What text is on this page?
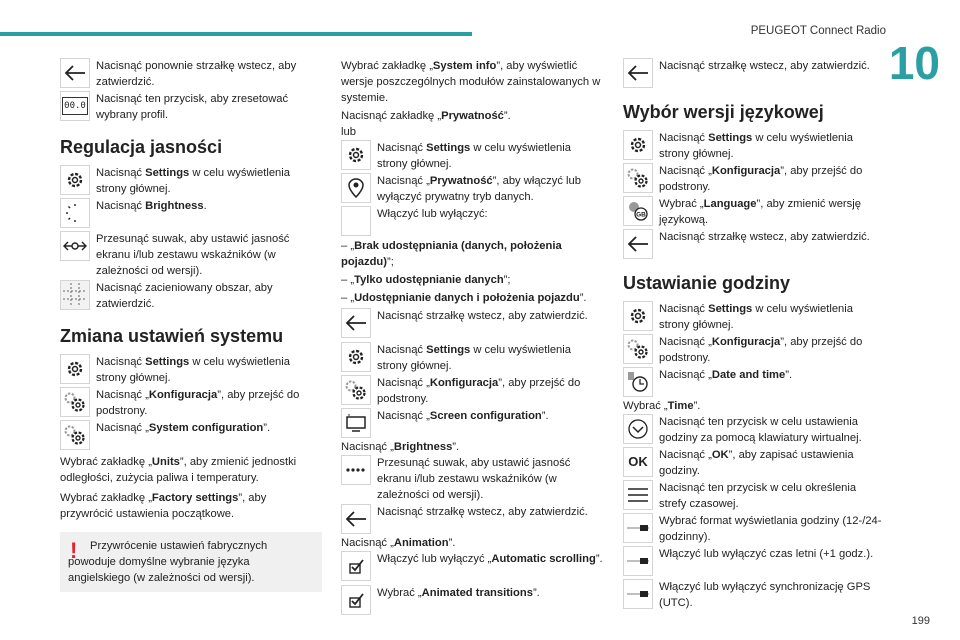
PEUGEOT Connect Radio
10
199
Nacisnąć ponownie strzałkę wstecz, aby zatwierdzić.
00.0
Nacisnąć ten przycisk, aby zresetować wybrany profil.
Regulacja jasności
Nacisnąć Settings w celu wyświetlenia strony głównej.
Nacisnąć Brightness.
Przesunąć suwak, aby ustawić jasność ekranu i/lub zestawu wskaźników (w zależności od wersji).
Nacisnąć zacieniowany obszar, aby zatwierdzić.
Zmiana ustawień systemu
Nacisnąć Settings w celu wyświetlenia strony głównej.
Nacisnąć „Konfiguracja”, aby przejść do podstrony.
Nacisnąć „System configuration”.
Wybrać zakładkę „Units”, aby zmienić jednostki odległości, zużycia paliwa i temperatury.
Wybrać zakładkę „Factory settings”, aby przywrócić ustawienia początkowe.
!	Przywrócenie ustawień fabrycznych powoduje domyślne wybranie języka angielskiego (w zależności od wersji).
Wybrać zakładkę „System info”, aby wyświetlić wersje poszczególnych modułów zainstalowanych w systemie.
Nacisnąć zakładkę „Prywatność”.
lub
Nacisnąć Settings w celu wyświetlenia strony głównej.
Nacisnąć „Prywatność”, aby włączyć lub wyłączyć prywatny tryb danych.
Włączyć lub wyłączyć:
– „Brak udostępniania (danych, położenia pojazdu)”;
– „Tylko udostępnianie danych”;
– „Udostępnianie danych i położenia pojazdu”.
Nacisnąć strzałkę wstecz, aby zatwierdzić.
Nacisnąć Settings w celu wyświetlenia strony głównej.
Nacisnąć „Konfiguracja”, aby przejść do podstrony.
Nacisnąć „Screen configuration”.
Nacisnąć „Brightness”.
Przesunąć suwak, aby ustawić jasność ekranu i/lub zestawu wskaźników (w zależności od wersji).
Nacisnąć strzałkę wstecz, aby zatwierdzić.
Nacisnąć „Animation”.
Włączyć lub wyłączyć „Automatic scrolling”.
Wybrać „Animated transitions”.
Nacisnąć strzałkę wstecz, aby zatwierdzić.
Wybór wersji językowej
Nacisnąć Settings w celu wyświetlenia strony głównej.
Nacisnąć „Konfiguracja”, aby przejść do podstrony.
GB
Wybrać „Language”, aby zmienić wersję językową.
Nacisnąć strzałkę wstecz, aby zatwierdzić.
Ustawianie godziny
Nacisnąć Settings w celu wyświetlenia strony głównej.
Nacisnąć „Konfiguracja”, aby przejść do podstrony.
Nacisnąć „Date and time”.
Wybrać „Time”.
Nacisnąć ten przycisk w celu ustawienia godziny za pomocą klawiatury wirtualnej.
OK	Nacisnąć „OK”, aby zapisać ustawienia godziny.
Nacisnąć ten przycisk w celu określenia strefy czasowej.
Wybrać format wyświetlania godziny (12-/24-godzinny).
Włączyć lub wyłączyć czas letni (+1 godz.).
Włączyć lub wyłączyć synchronizację GPS (UTC).
